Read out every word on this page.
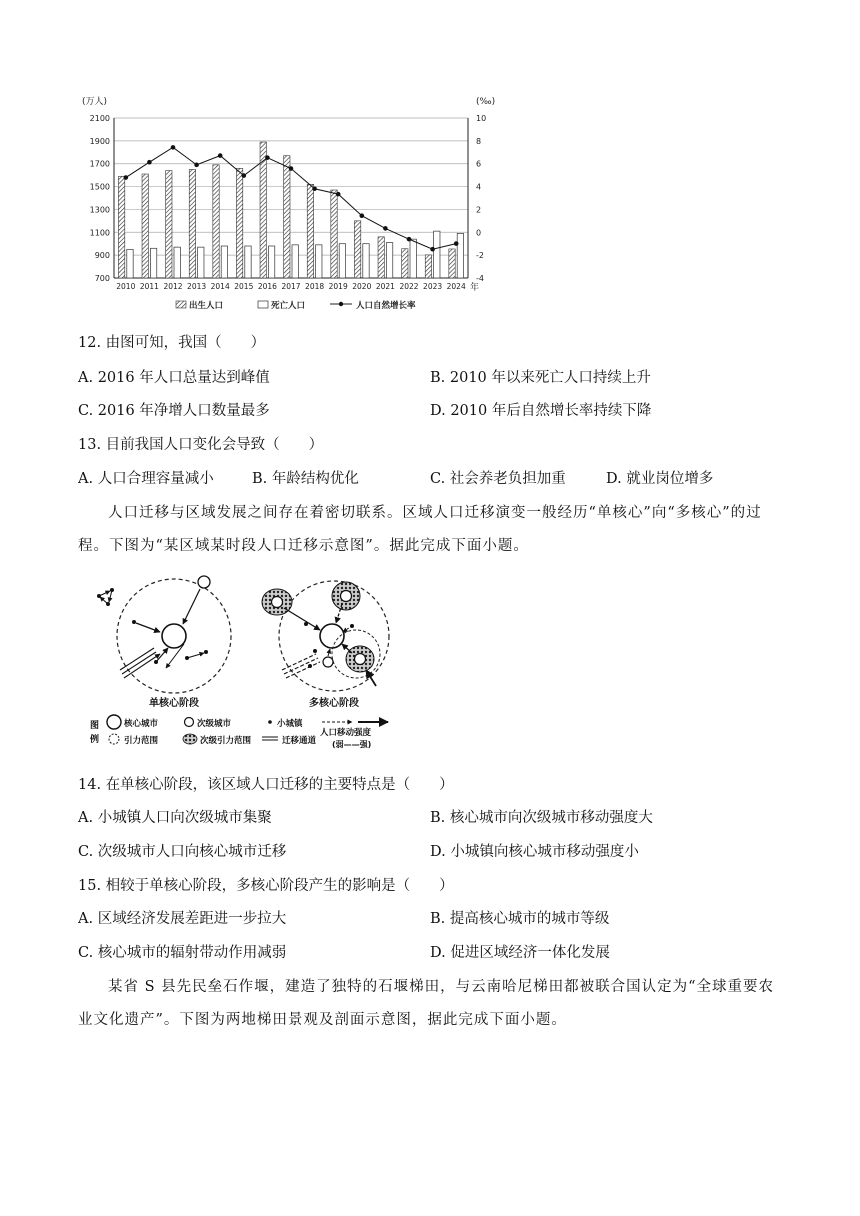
(万人)	(‰)
2100
1900
1700
1500
1300
1100
900
700
10
8
6
4
2
0
-2
-4
2010 2011 2012 2013 2014 2015 2016 2017 2018 2019 2020 2021 2022 2023 2024 年
出生人口	死亡人口	人口自然增长率
12. 由图可知，我国（　　）
A. 2016 年人口总量达到峰值	B. 2010 年以来死亡人口持续上升
C. 2016 年净增人口数量最多	D. 2010 年后自然增长率持续下降
13. 目前我国人口变化会导致（　　）
A. 人口合理容量减小	B. 年龄结构优化	C. 社会养老负担加重	D. 就业岗位增多
人口迁移与区域发展之间存在着密切联系。区域人口迁移演变一般经历“单核心”向“多核心”的过程。下图为“某区域某时段人口迁移示意图”。据此完成下面小题。
单核心阶段	多核心阶段
图
例
核心城市	次级城市	小城镇
引力范围	次级引力范围	迁移通道
人口移动强度
(弱——强)
14. 在单核心阶段，该区域人口迁移的主要特点是（　　）
A. 小城镇人口向次级城市集聚	B. 核心城市向次级城市移动强度大
C. 次级城市人口向核心城市迁移	D. 小城镇向核心城市移动强度小
15. 相较于单核心阶段，多核心阶段产生的影响是（　　）
A. 区域经济发展差距进一步拉大	B. 提高核心城市的城市等级
C. 核心城市的辐射带动作用减弱	D. 促进区域经济一体化发展
某省 S 县先民垒石作堰，建造了独特的石堰梯田，与云南哈尼梯田都被联合国认定为“全球重要农业文化遗产”。下图为两地梯田景观及剖面示意图，据此完成下面小题。
